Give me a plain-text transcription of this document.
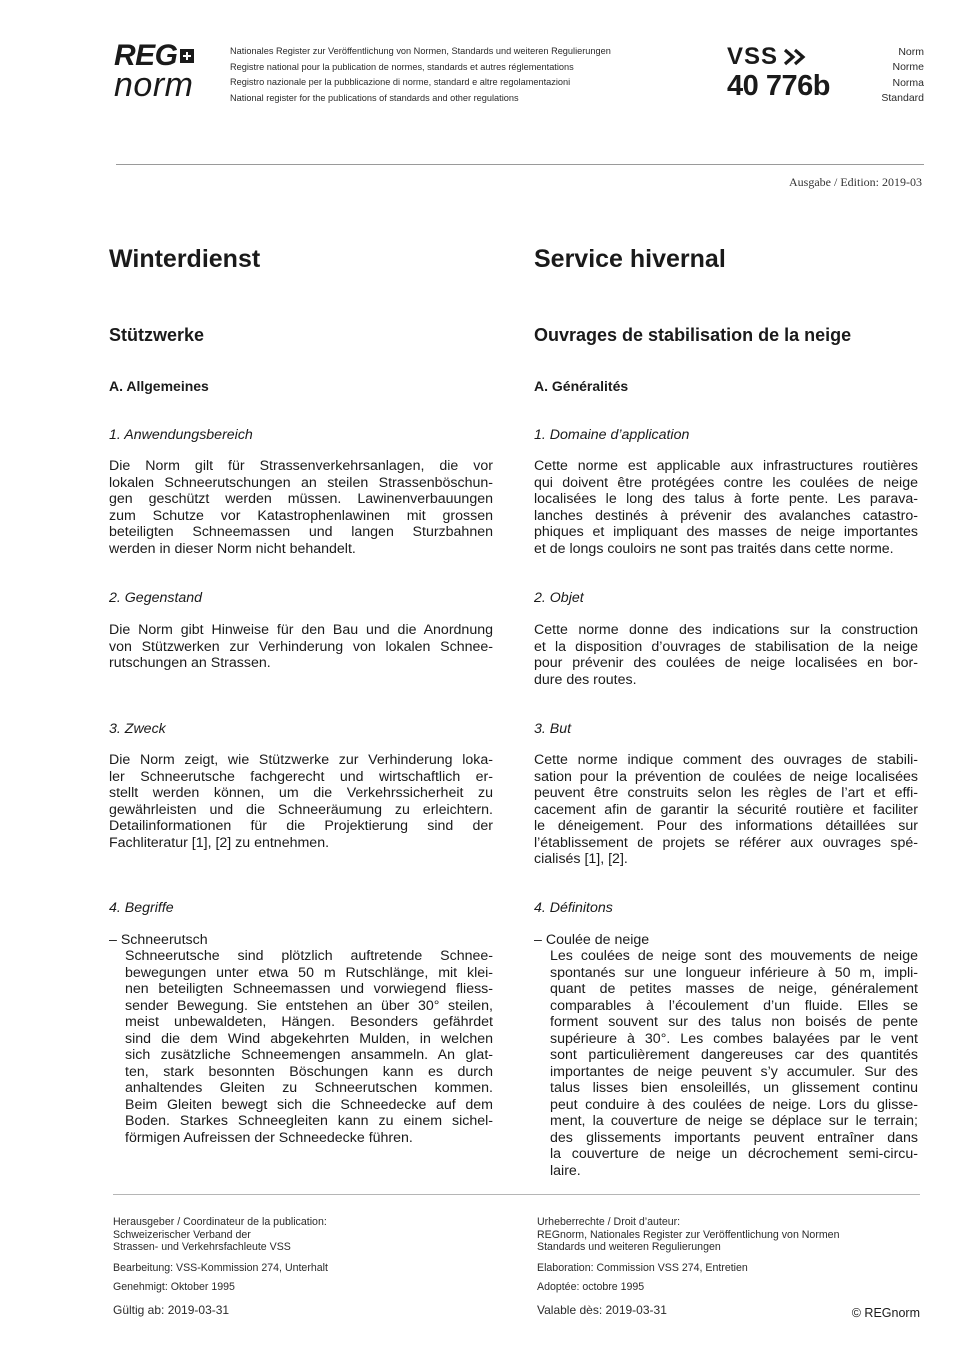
REG
norm
Nationales Register zur Veröffentlichung von Normen, Standards und weiteren Regulierungen
Registre national pour la publication de normes, standards et autres réglementations
Registro nazionale per la pubblicazione di norme, standard e altre regolamentazioni
National register for the publications of standards and other regulations
VSS
40 776b
Norm
Norme
Norma
Standard
Ausgabe / Edition: 2019-03
Winterdienst
Stützwerke
A. Allgemeines
1. Anwendungsbereich
Die Norm gilt für Strassenverkehrsanlagen, die vor
lokalen Schneerutschungen an steilen Strassenböschun-
gen geschützt werden müssen. Lawinenverbauungen
zum Schutze vor Katastrophenlawinen mit grossen
beteiligten Schneemassen und langen Sturzbahnen
werden in dieser Norm nicht behandelt.
2. Gegenstand
Die Norm gibt Hinweise für den Bau und die Anordnung
von Stützwerken zur Verhinderung von lokalen Schnee-
rutschungen an Strassen.
3. Zweck
Die Norm zeigt, wie Stützwerke zur Verhinderung loka-
ler Schneerutsche fachgerecht und wirtschaftlich er-
stellt werden können, um die Verkehrssicherheit zu
gewährleisten und die Schneeräumung zu erleichtern.
Detailinformationen für die Projektierung sind der
Fachliteratur [1], [2] zu entnehmen.
4. Begriffe
– Schneerutsch
Schneerutsche sind plötzlich auftretende Schnee-
bewegungen unter etwa 50 m Rutschlänge, mit klei-
nen beteiligten Schneemassen und vorwiegend fliess-
sender Bewegung. Sie entstehen an über 30° steilen,
meist unbewaldeten, Hängen. Besonders gefährdet
sind die dem Wind abgekehrten Mulden, in welchen
sich zusätzliche Schneemengen ansammeln. An glat-
ten, stark besonnten Böschungen kann es durch
anhaltendes Gleiten zu Schneerutschen kommen.
Beim Gleiten bewegt sich die Schneedecke auf dem
Boden. Starkes Schneegleiten kann zu einem sichel-
förmigen Aufreissen der Schneedecke führen.
Service hivernal
Ouvrages de stabilisation de la neige
A. Généralités
1. Domaine d’application
Cette norme est applicable aux infrastructures routières
qui doivent être protégées contre les coulées de neige
localisées le long des talus à forte pente. Les parava-
lanches destinés à prévenir des avalanches catastro-
phiques et impliquant des masses de neige importantes
et de longs couloirs ne sont pas traités dans cette norme.
2. Objet
Cette norme donne des indications sur la construction
et la disposition d’ouvrages de stabilisation de la neige
pour prévenir des coulées de neige localisées en bor-
dure des routes.
3. But
Cette norme indique comment des ouvrages de stabili-
sation pour la prévention de coulées de neige localisées
peuvent être construits selon les règles de l’art et effi-
cacement afin de garantir la sécurité routière et faciliter
le déneigement. Pour des informations détaillées sur
l’établissement de projets se référer aux ouvrages spé-
cialisés [1], [2].
4. Définitons
– Coulée de neige
Les coulées de neige sont des mouvements de neige
spontanés sur une longueur inférieure à 50 m, impli-
quant de petites masses de neige, généralement
comparables à l’écoulement d’un fluide. Elles se
forment souvent sur des talus non boisés de pente
supérieure à 30°. Les combes balayées par le vent
sont particulièrement dangereuses car des quantités
importantes de neige peuvent s’y accumuler. Sur des
talus lisses bien ensoleillés, un glissement continu
peut conduire à des coulées de neige. Lors du glisse-
ment, la couverture de neige se déplace sur le terrain;
des glissements importants peuvent entraîner dans
la couverture de neige un décrochement semi-circu-
laire.
Herausgeber / Coordinateur de la publication:
Schweizerischer Verband der
Strassen- und Verkehrsfachleute VSS
Bearbeitung: VSS-Kommission 274, Unterhalt
Genehmigt: Oktober 1995
Gültig ab: 2019-03-31
Urheberrechte / Droit d’auteur:
REGnorm, Nationales Register zur Veröffentlichung von Normen
Standards und weiteren Regulierungen
Elaboration: Commission VSS 274, Entretien
Adoptée: octobre 1995
Valable dès: 2019-03-31	© REGnorm
